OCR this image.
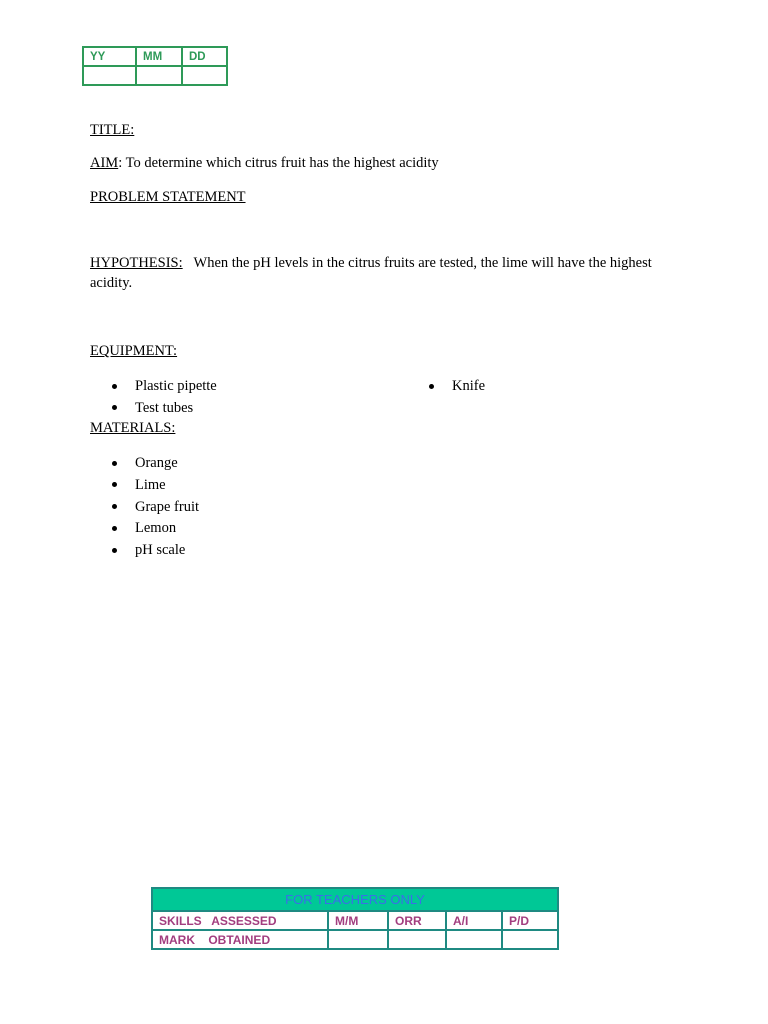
YY	MM	DD

TITLE:
AIM: To determine which citrus fruit has the highest acidity
PROBLEM STATEMENT
HYPOTHESIS: When the pH levels in the citrus fruits are tested, the lime will have the highest
acidity.
EQUIPMENT:
Plastic pipette
Test tubes
Knife
MATERIALS:
Orange
Lime
Grape fruit
Lemon
pH scale
FOR TEACHERS ONLY				
SKILLS   ASSESSED	M/M	ORR	A/I	P/D
MARK    OBTAINED				
